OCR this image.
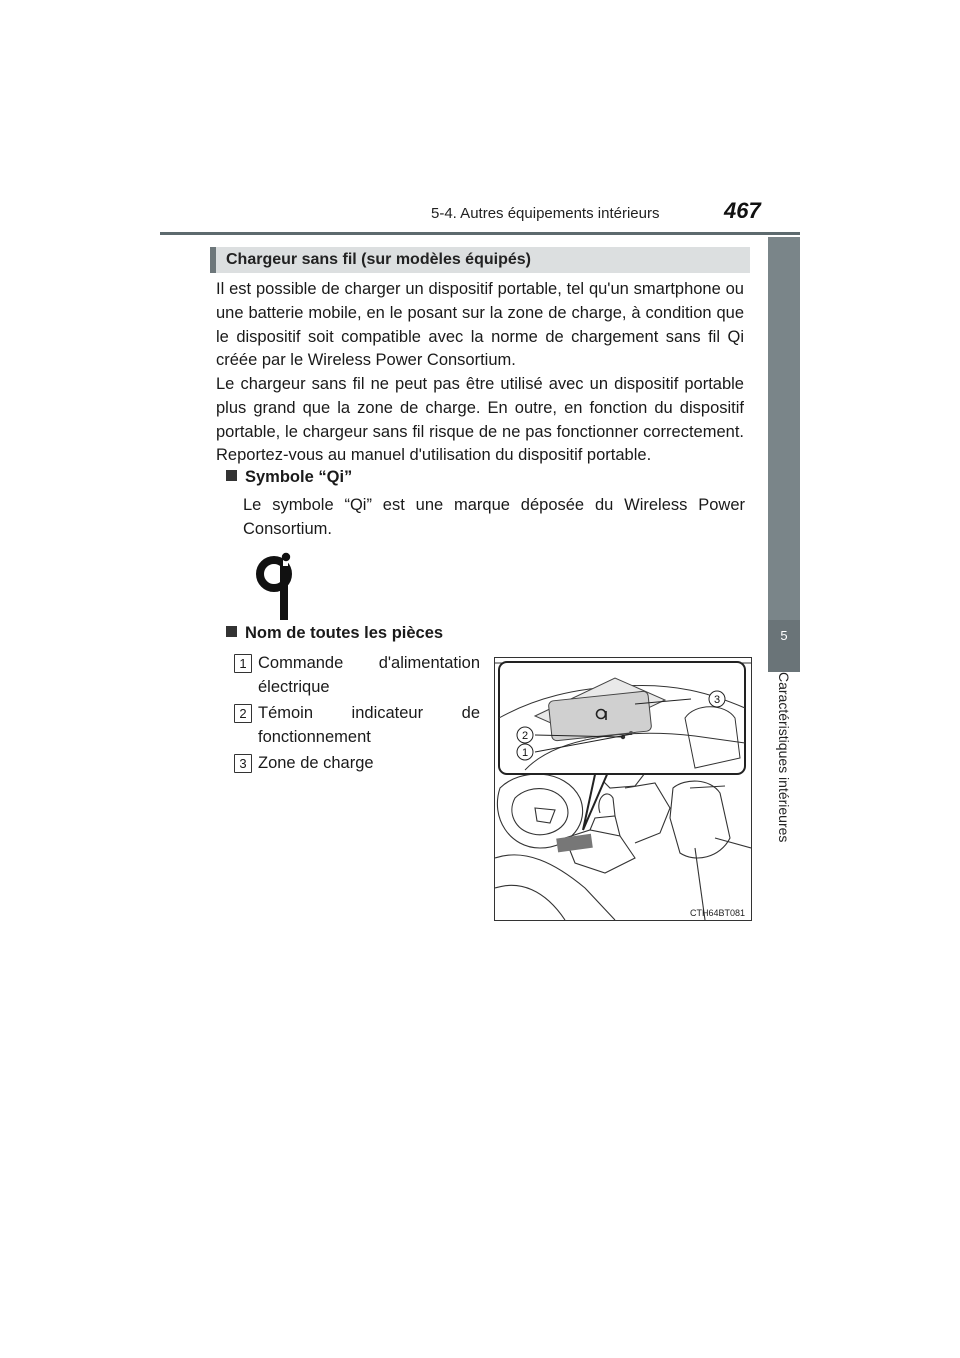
5-4. Autres équipements intérieurs	467
5
Caractéristiques intérieures
Chargeur sans fil (sur modèles équipés)
Il est possible de charger un dispositif portable, tel qu'un smartphone ou une batterie mobile, en le posant sur la zone de charge, à condition que le dispositif soit compatible avec la norme de chargement sans fil Qi créée par le Wireless Power Consortium.
Le chargeur sans fil ne peut pas être utilisé avec un dispositif portable plus grand que la zone de charge. En outre, en fonction du dispositif portable, le chargeur sans fil risque de ne pas fonctionner correctement. Reportez-vous au manuel d'utilisation du dispositif portable.
Symbole “Qi”
Le symbole “Qi” est une marque déposée du Wireless Power Consortium.
Nom de toutes les pièces
1 Commande d'alimentation électrique
2 Témoin indicateur de fonctionnement
3 Zone de charge
3
2
1
CTH64BT081
